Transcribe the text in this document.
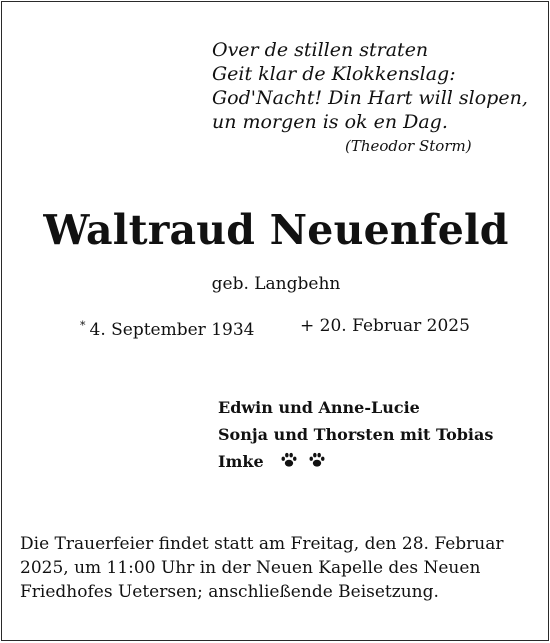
Over de stillen straten
Geit klar de Klokkenslag:
God'Nacht! Din Hart will slopen,
un morgen is ok en Dag.
(Theodor Storm)
Waltraud Neuenfeld
geb. Langbehn
* 4. September 1934	+ 20. Februar 2025
Edwin und Anne-Lucie
Sonja und Thorsten mit Tobias
Imke
Die Trauerfeier findet statt am Freitag, den 28. Februar 2025, um 11:00 Uhr in der Neuen Kapelle des Neuen Friedhofes Uetersen; anschließende Beisetzung.
